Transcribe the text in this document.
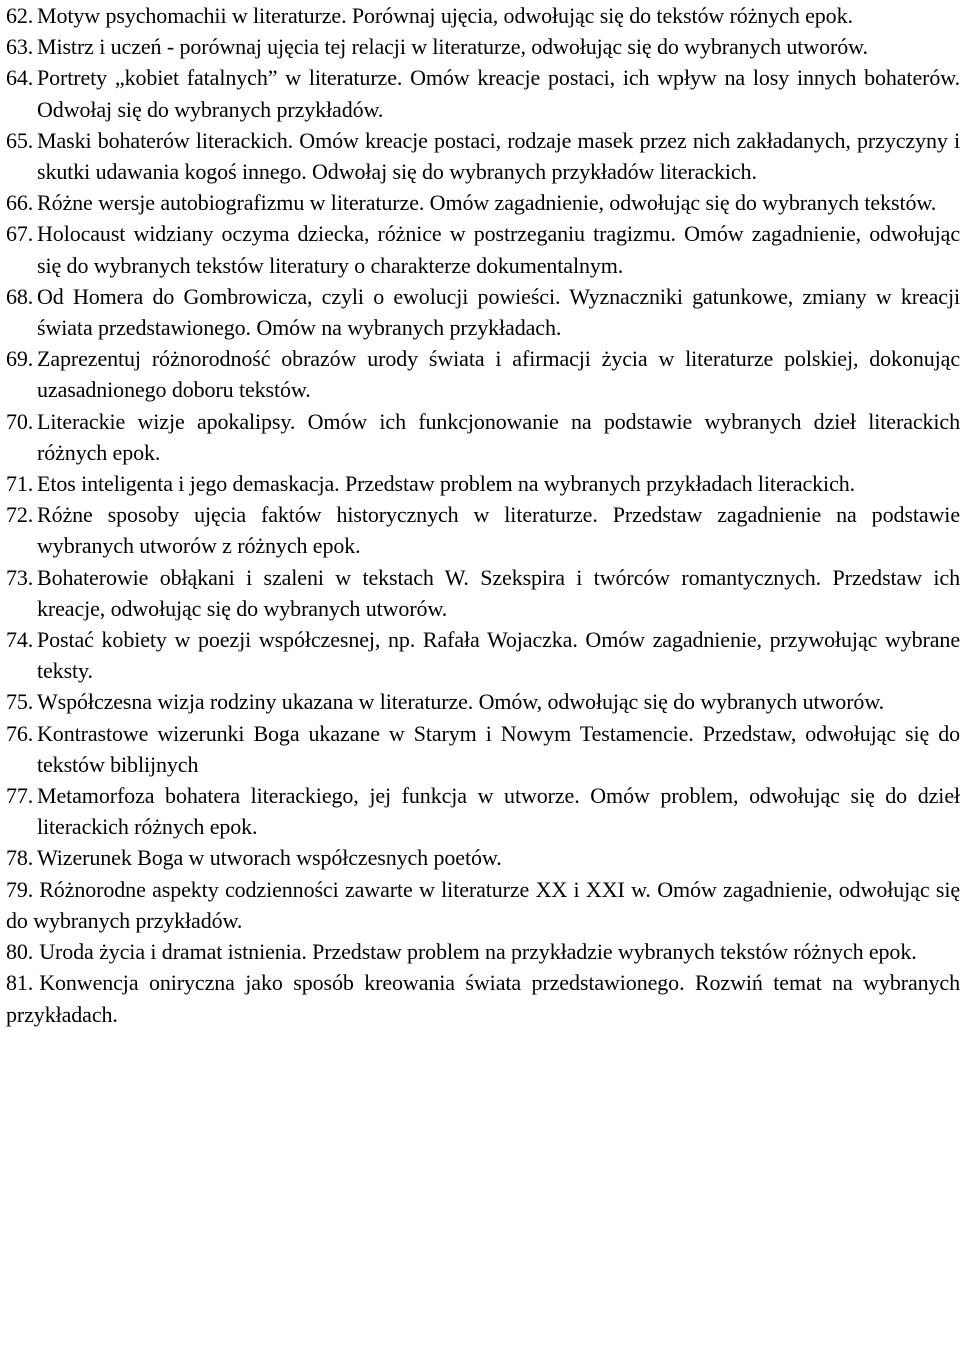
62. Motyw psychomachii w literaturze. Porównaj ujęcia, odwołując się do tekstów różnych epok.
63. Mistrz i uczeń - porównaj ujęcia tej relacji w literaturze, odwołując się do wybranych utworów.
64. Portrety „kobiet fatalnych” w literaturze. Omów kreacje postaci, ich wpływ na losy innych bohaterów. Odwołaj się do wybranych przykładów.
65. Maski bohaterów literackich. Omów kreacje postaci, rodzaje masek przez nich zakładanych, przyczyny i skutki udawania kogoś innego. Odwołaj się do wybranych przykładów literackich.
66. Różne wersje autobiografizmu w literaturze. Omów zagadnienie, odwołując się do wybranych tekstów.
67. Holocaust widziany oczyma dziecka, różnice w postrzeganiu tragizmu. Omów zagadnienie, odwołując się do wybranych tekstów literatury o charakterze dokumentalnym.
68. Od Homera do Gombrowicza, czyli o ewolucji powieści. Wyznaczniki gatunkowe, zmiany w kreacji świata przedstawionego. Omów na wybranych przykładach.
69. Zaprezentuj różnorodność obrazów urody świata i afirmacji życia w literaturze polskiej, dokonując uzasadnionego doboru tekstów.
70. Literackie wizje apokalipsy. Omów ich funkcjonowanie na podstawie wybranych dzieł literackich różnych epok.
71. Etos inteligenta i jego demaskacja. Przedstaw problem na wybranych przykładach literackich.
72. Różne sposoby ujęcia faktów historycznych w literaturze. Przedstaw zagadnienie na podstawie wybranych utworów z różnych epok.
73. Bohaterowie obłąkani i szaleni w tekstach W. Szekspira i twórców romantycznych. Przedstaw ich kreacje, odwołując się do wybranych utworów.
74. Postać kobiety w poezji współczesnej, np. Rafała Wojaczka. Omów zagadnienie, przywołując wybrane teksty.
75. Współczesna wizja rodziny ukazana w literaturze. Omów, odwołując się do wybranych utworów.
76. Kontrastowe wizerunki Boga ukazane w Starym i Nowym Testamencie. Przedstaw, odwołując się do tekstów biblijnych
77. Metamorfoza bohatera literackiego, jej funkcja w utworze. Omów problem, odwołując się do dzieł literackich różnych epok.
78. Wizerunek Boga w utworach współczesnych poetów.
79. Różnorodne aspekty codzienności zawarte w literaturze XX i XXI w. Omów zagadnienie, odwołując się do wybranych przykładów.
80. Uroda życia i dramat istnienia. Przedstaw problem na przykładzie wybranych tekstów różnych epok.
81. Konwencja oniryczna jako sposób kreowania świata przedstawionego. Rozwiń temat na wybranych przykładach.
